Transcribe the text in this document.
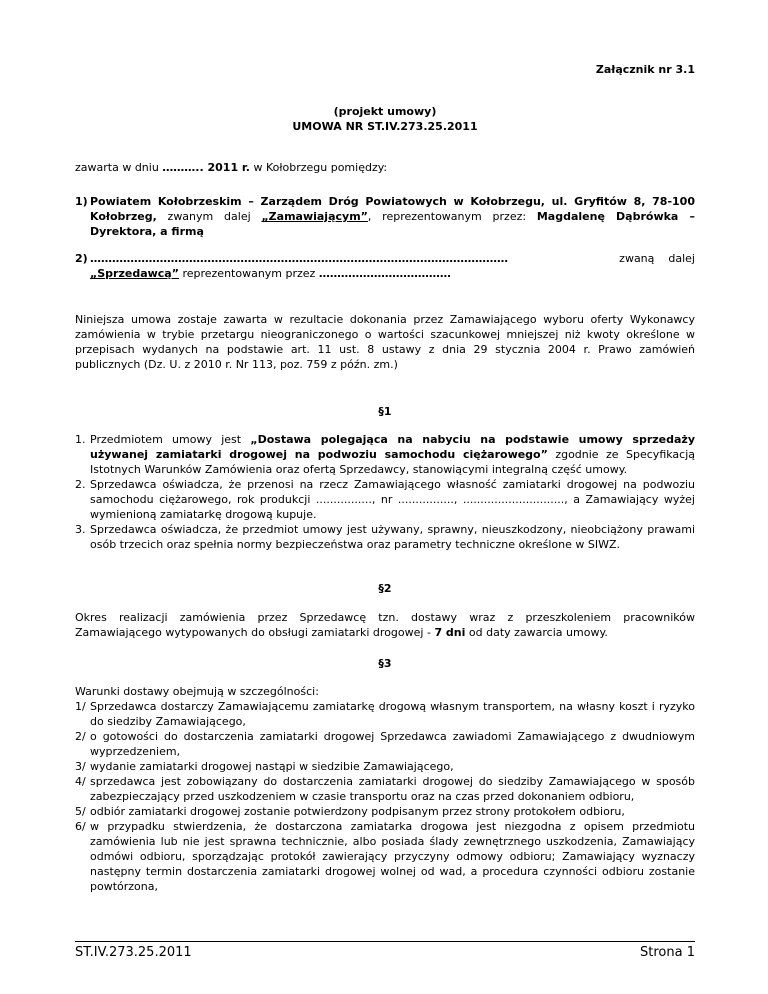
Załącznik nr 3.1

(projekt umowy)

UMOWA NR ST.IV.273.25.2011

zawarta w dniu ……….. 2011 r. w Kołobrzegu pomiędzy:

1) Powiatem Kołobrzeskim – Zarządem Dróg Powiatowych w Kołobrzegu, ul. Gryfitów 8, 78-100 Kołobrzeg, zwanym dalej „Zamawiającym”, reprezentowanym przez: Magdalenę Dąbrówka – Dyrektora, a firmą
2) ……………………………………………………………………………………………………	zwaną    dalej
„Sprzedawcą” reprezentowanym przez ………………………………

Niniejsza umowa zostaje zawarta w rezultacie dokonania przez Zamawiającego wyboru oferty Wykonawcy zamówienia w trybie przetargu nieograniczonego o wartości szacunkowej mniejszej niż kwoty określone w przepisach wydanych na podstawie art. 11 ust. 8 ustawy z dnia 29 stycznia 2004 r. Prawo zamówień publicznych (Dz. U. z 2010 r. Nr 113, poz. 759 z późn. zm.)

§1

1. Przedmiotem umowy jest „Dostawa polegająca na nabyciu na podstawie umowy sprzedaży używanej zamiatarki drogowej na podwoziu samochodu ciężarowego” zgodnie ze Specyfikacją Istotnych Warunków Zamówienia oraz ofertą Sprzedawcy, stanowiącymi integralną część umowy.
2. Sprzedawca oświadcza, że przenosi na rzecz Zamawiającego własność zamiatarki drogowej na podwoziu samochodu ciężarowego, rok produkcji ................, nr ................, ............................., a Zamawiający wyżej wymienioną zamiatarkę drogową kupuje.
3. Sprzedawca oświadcza, że przedmiot umowy jest używany, sprawny, nieuszkodzony, nieobciążony prawami osób trzecich oraz spełnia normy bezpieczeństwa oraz parametry techniczne określone w SIWZ.

§2

Okres realizacji zamówienia przez Sprzedawcę tzn. dostawy wraz z przeszkoleniem pracowników Zamawiającego wytypowanych do obsługi zamiatarki drogowej - 7 dni od daty zawarcia umowy.

§3

Warunki dostawy obejmują w szczególności:

1/ Sprzedawca dostarczy Zamawiającemu zamiatarkę drogową własnym transportem, na własny koszt i ryzyko do siedziby Zamawiającego,
2/ o gotowości do dostarczenia zamiatarki drogowej Sprzedawca zawiadomi Zamawiającego z dwudniowym wyprzedzeniem,
3/ wydanie zamiatarki drogowej nastąpi w siedzibie Zamawiającego,
4/ sprzedawca jest zobowiązany do dostarczenia zamiatarki drogowej do siedziby Zamawiającego w sposób zabezpieczający przed uszkodzeniem w czasie transportu oraz na czas przed dokonaniem odbioru,
5/ odbiór zamiatarki drogowej zostanie potwierdzony podpisanym przez strony protokołem odbioru,
6/ w przypadku stwierdzenia, że dostarczona zamiatarka drogowa jest niezgodna z opisem przedmiotu zamówienia lub nie jest sprawna technicznie, albo posiada ślady zewnętrznego uszkodzenia, Zamawiający odmówi odbioru, sporządzając protokół zawierający przyczyny odmowy odbioru; Zamawiający wyznaczy następny termin dostarczenia zamiatarki drogowej wolnej od wad, a procedura czynności odbioru zostanie powtórzona,
ST.IV.273.25.2011	Strona 1
